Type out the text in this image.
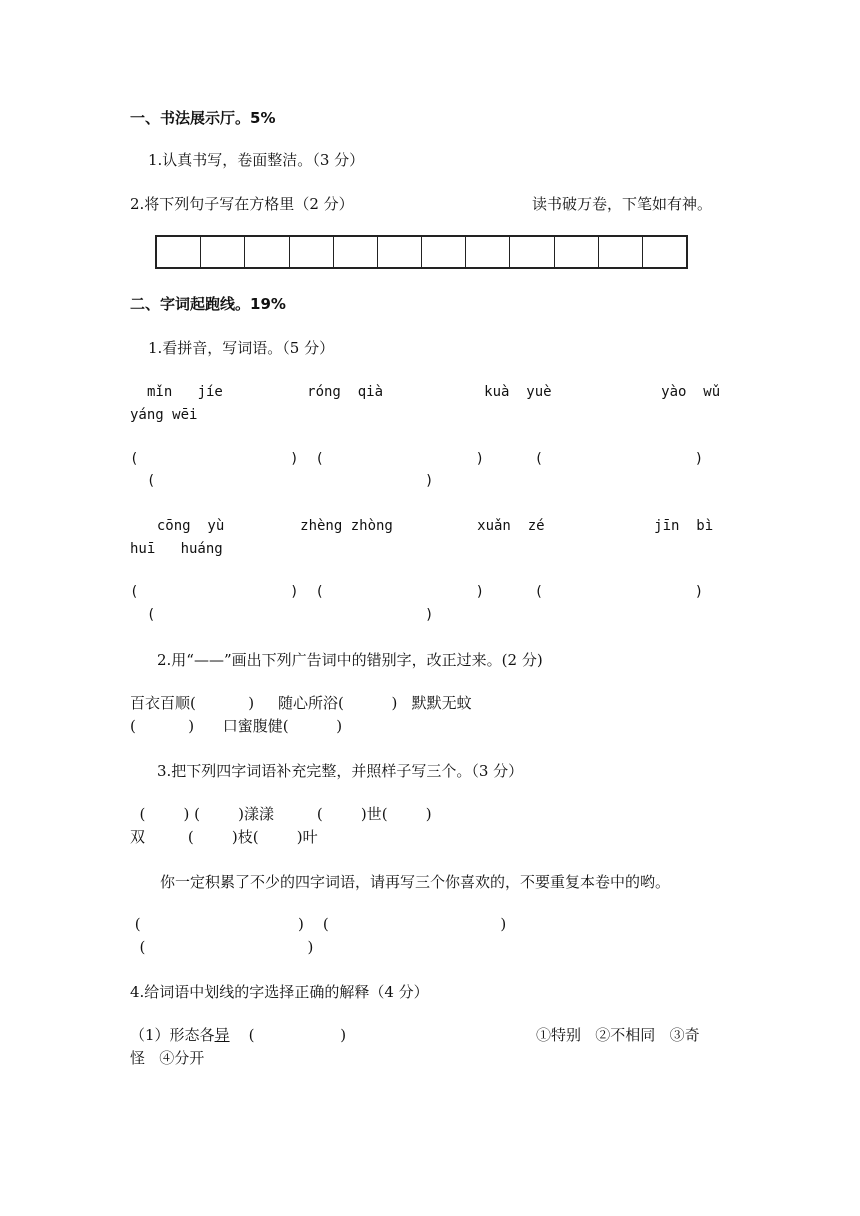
一、书法展示厅。5%
1.认真书写，卷面整洁。（3 分）
2.将下列句子写在方格里（2 分）	读书破万卷，下笔如有神。
二、字词起跑线。19%
1.看拼音，写词语。（5 分）
mǐn   jíe          róng  qià            kuà  yuè             yào  wǔ
yáng wēi
(                  )  (                  )      (                  )
(                                )
cōng  yù         zhèng zhòng          xuǎn  zé             jīn  bì
huī   huáng
(                  )  (                  )      (                  )
(                                )
2.用“——”画出下列广告词中的错别字，改正过来。(2 分)
百衣百顺(           )     随心所浴(          )   默默无蚊
(           )      口蜜腹健(          )
3.把下列四字词语补充完整，并照样子写三个。（3 分）
(        ) (        )漾漾         (        )世(        )
双         (        )枝(        )叶
你一定积累了不少的四字词语，请再写三个你喜欢的，不要重复本卷中的哟。
(                                 )    (                                    )
(                                  )
4.给词语中划线的字选择正确的解释（4 分）
（1）形态各异    (                  )	①特别   ②不相同   ③奇
怪   ④分开
